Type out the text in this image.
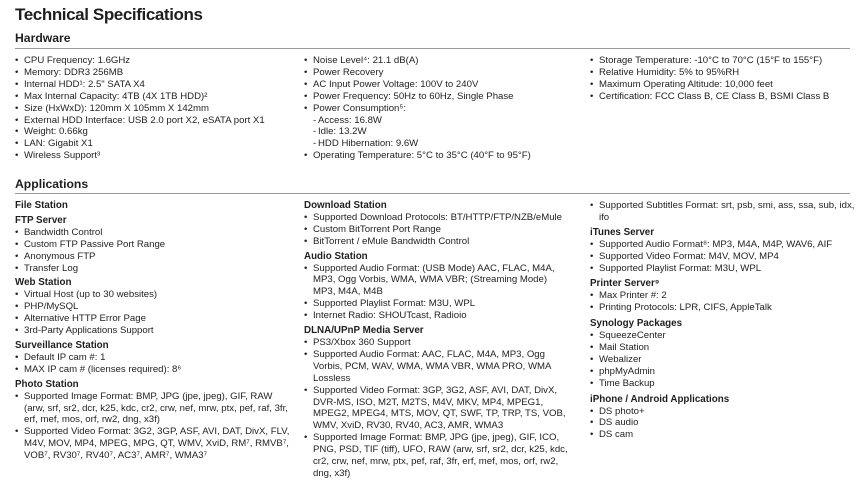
Technical Specifications
Hardware
• CPU Frequency: 1.6GHz
• Memory: DDR3 256MB
• Internal HDD¹: 2.5" SATA X4
• Max Internal Capacity: 4TB (4X 1TB HDD)²
• Size (HxWxD): 120mm X 105mm X 142mm
• External HDD Interface: USB 2.0 port X2, eSATA port X1
• Weight: 0.66kg
• LAN: Gigabit X1
• Wireless Support³
• Noise Level⁴: 21.1 dB(A)
• Power Recovery
• AC Input Power Voltage: 100V to 240V
• Power Frequency: 50Hz to 60Hz, Single Phase
• Power Consumption⁵:
- Access: 16.8W
- Idle: 13.2W
- HDD Hibernation: 9.6W
• Operating Temperature: 5°C to 35°C (40°F to 95°F)
• Storage Temperature: -10°C to 70°C (15°F to 155°F)
• Relative Humidity: 5% to 95%RH
• Maximum Operating Altitude: 10,000 feet
• Certification: FCC Class B, CE Class B, BSMI Class B
Applications
File Station
FTP Server
• Bandwidth Control
• Custom FTP Passive Port Range
• Anonymous FTP
• Transfer Log
Web Station
• Virtual Host (up to 30 websites)
• PHP/MySQL
• Alternative HTTP Error Page
• 3rd-Party Applications Support
Surveillance Station
• Default IP cam #: 1
• MAX IP cam # (licenses required): 8⁶
Photo Station
• Supported Image Format: BMP, JPG (jpe, jpeg), GIF, RAW (arw, srf, sr2, dcr, k25, kdc, cr2, crw, nef, mrw, ptx, pef, raf, 3fr, erf, mef, mos, orf, rw2, dng, x3f)
• Supported Video Format: 3G2, 3GP, ASF, AVI, DAT, DivX, FLV, M4V, MOV, MP4, MPEG, MPG, QT, WMV, XviD, RM⁷, RMVB⁷, VOB⁷, RV30⁷, RV40⁷, AC3⁷, AMR⁷, WMA3⁷
Download Station
• Supported Download Protocols: BT/HTTP/FTP/NZB/eMule
• Custom BitTorrent Port Range
• BitTorrent / eMule Bandwidth Control
Audio Station
• Supported Audio Format: (USB Mode) AAC, FLAC, M4A, MP3, Ogg Vorbis, WMA, WMA VBR; (Streaming Mode) MP3, M4A, M4B
• Supported Playlist Format: M3U, WPL
• Internet Radio: SHOUTcast, Radioio
DLNA/UPnP Media Server
• PS3/Xbox 360 Support
• Supported Audio Format: AAC, FLAC, M4A, MP3, Ogg Vorbis, PCM, WAV, WMA, WMA VBR, WMA PRO, WMA Lossless
• Supported Video Format: 3GP, 3G2, ASF, AVI, DAT, DivX, DVR-MS, ISO, M2T, M2TS, M4V, MKV, MP4, MPEG1, MPEG2, MPEG4, MTS, MOV, QT, SWF, TP, TRP, TS, VOB, WMV, XviD, RV30, RV40, AC3, AMR, WMA3
• Supported Image Format: BMP, JPG (jpe, jpeg), GIF, ICO, PNG, PSD, TIF (tiff), UFO, RAW (arw, srf, sr2, dcr, k25, kdc, cr2, crw, nef, mrw, ptx, pef, raf, 3fr, erf, mef, mos, orf, rw2, dng, x3f)
• Supported Subtitles Format: srt, psb, smi, ass, ssa, sub, idx, ifo
iTunes Server
• Supported Audio Format⁸: MP3, M4A, M4P, WAV6, AIF
• Supported Video Format: M4V, MOV, MP4
• Supported Playlist Format: M3U, WPL
Printer Server⁹
• Max Printer #: 2
• Printing Protocols: LPR, CIFS, AppleTalk
Synology Packages
• SqueezeCenter
• Mail Station
• Webalizer
• phpMyAdmin
• Time Backup
iPhone / Android Applications
• DS photo+
• DS audio
• DS cam
